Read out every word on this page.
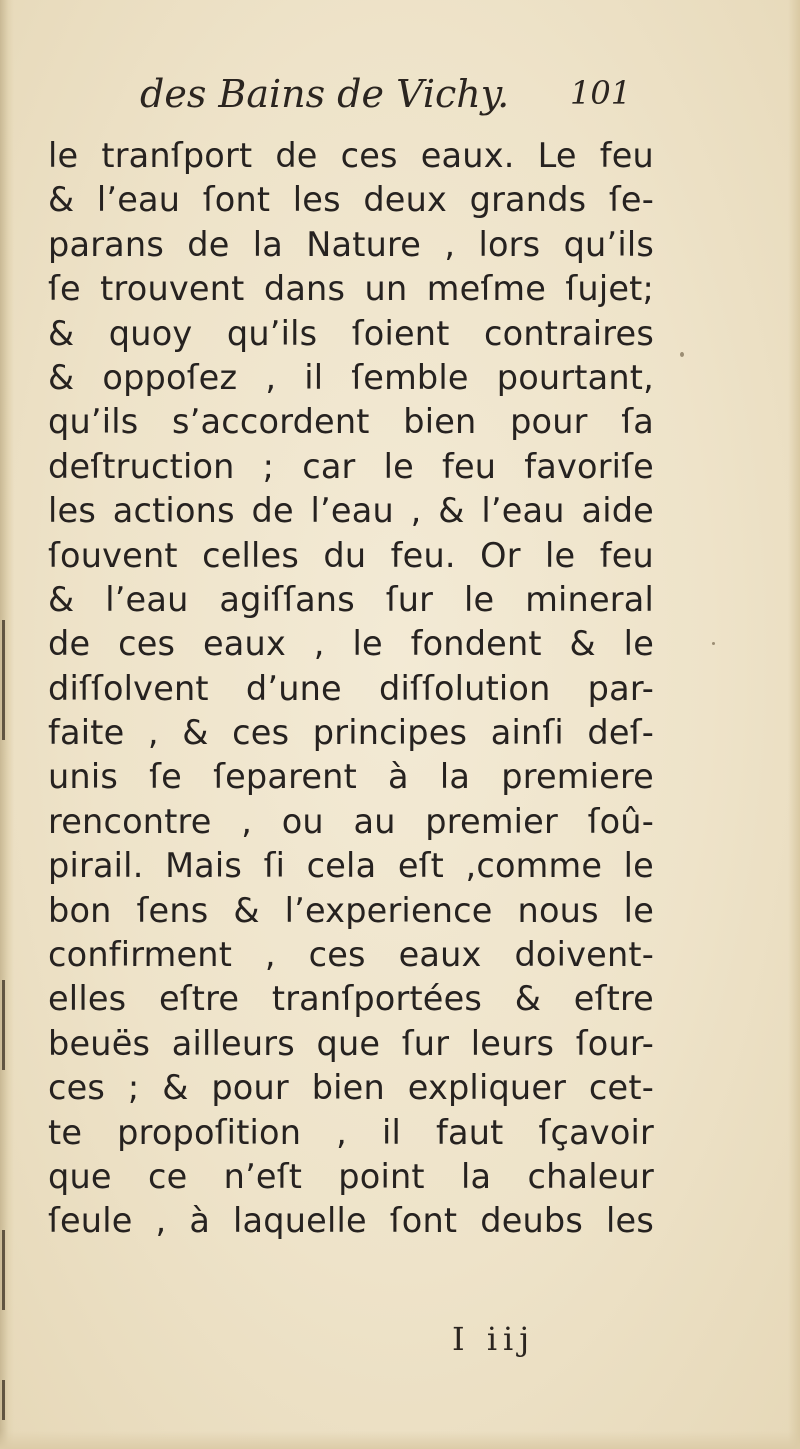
des Bains de Vichy. 101
le tranſport de ces eaux. Le feu
& l’eau ſont les deux grands ſe-
parans de la Nature , lors qu’ils
ſe trouvent dans un meſme ſujet;
& quoy qu’ils ſoient contraires
& oppoſez , il ſemble pourtant,
qu’ils s’accordent bien pour ſa
deſtruction ; car le feu favoriſe
les actions de l’eau , & l’eau aide
ſouvent celles du feu. Or le feu
& l’eau agiſſans ſur le mineral
de ces eaux , le fondent & le
diſſolvent d’une diſſolution par-
faite , & ces principes ainſi deſ-
unis ſe ſeparent à la premiere
rencontre , ou au premier ſoû-
pirail. Mais ſi cela eſt ,comme le
bon ſens & l’experience nous le
confirment , ces eaux doivent-
elles eſtre tranſportées & eſtre
beuës ailleurs que ſur leurs ſour-
ces ; & pour bien expliquer cet-
te propoſition , il faut ſçavoir
que ce n’eſt point la chaleur
ſeule , à laquelle ſont deubs les
I iij
